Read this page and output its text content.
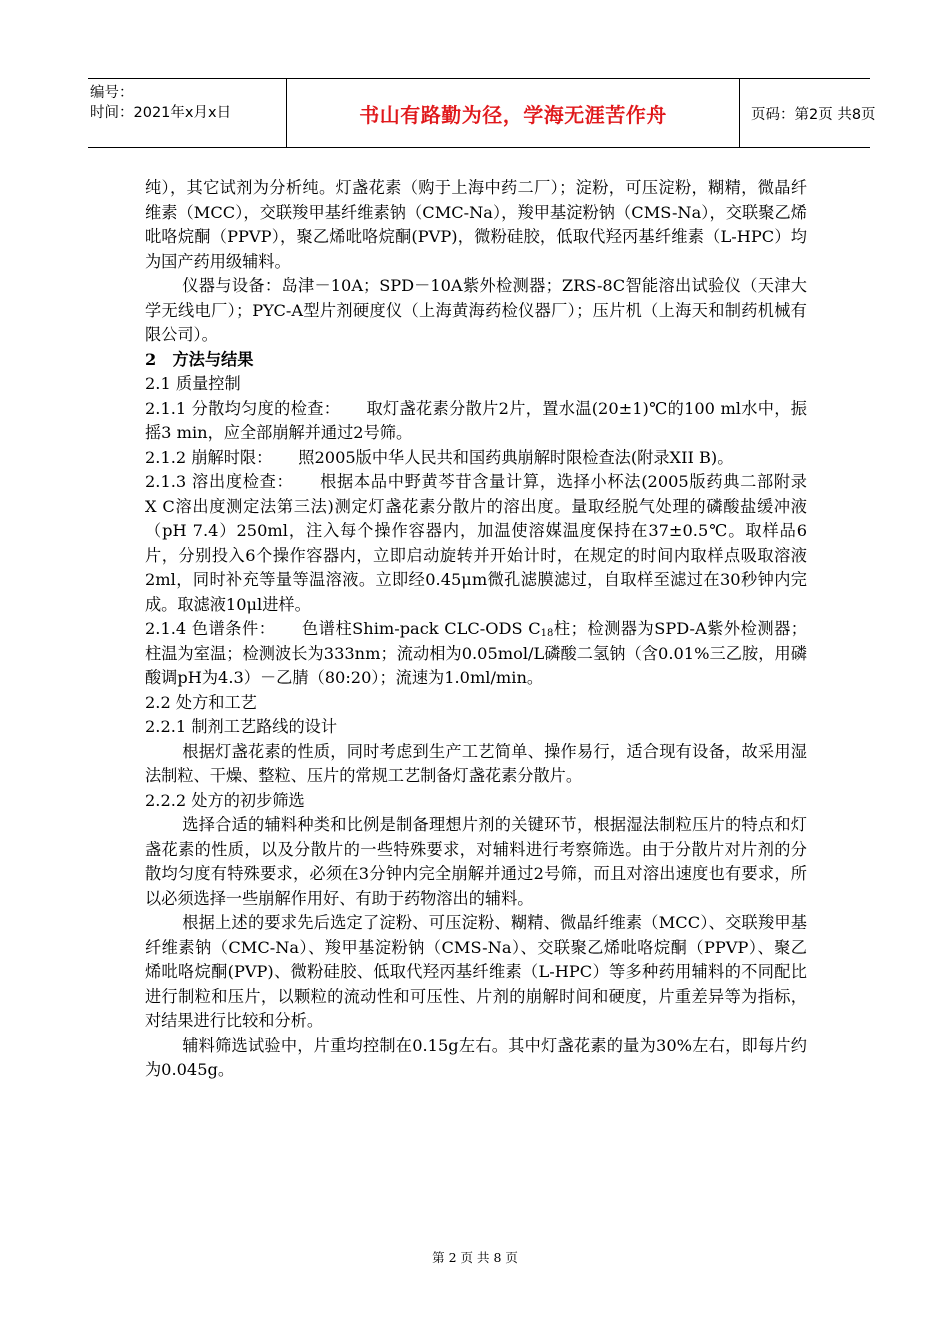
编号：
时间：2021年x月x日	书山有路勤为径，学海无涯苦作舟	页码：第2页 共8页

纯），其它试剂为分析纯。灯盏花素（购于上海中药二厂）；淀粉，可压淀粉，糊精，微晶纤维素（MCC），交联羧甲基纤维素钠（CMC-Na），羧甲基淀粉钠（CMS-Na），交联聚乙烯吡咯烷酮（PPVP），聚乙烯吡咯烷酮(PVP)，微粉硅胶，低取代羟丙基纤维素（L-HPC）均为国产药用级辅料。

仪器与设备：岛津－10A；SPD－10A紫外检测器；ZRS-8C智能溶出试验仪（天津大学无线电厂）；PYC-A型片剂硬度仪（上海黄海药检仪器厂）；压片机（上海天和制药机械有限公司）。

2　方法与结果

2.1 质量控制

2.1.1 分散均匀度的检查： 取灯盏花素分散片2片，置水温(20±1)℃的100 ml水中，振摇3 min，应全部崩解并通过2号筛。

2.1.2 崩解时限： 照2005版中华人民共和国药典崩解时限检查法(附录XII B)。

2.1.3 溶出度检查： 根据本品中野黄芩苷含量计算，选择小杯法(2005版药典二部附录　X C溶出度测定法第三法)测定灯盏花素分散片的溶出度。量取经脱气处理的磷酸盐缓冲液（pH 7.4）250ml，注入每个操作容器内，加温使溶媒温度保持在37±0.5℃。取样品6片，分别投入6个操作容器内，立即启动旋转并开始计时，在规定的时间内取样点吸取溶液2ml，同时补充等量等温溶液。立即经0.45μm微孔滤膜滤过，自取样至滤过在30秒钟内完成。取滤液10μl进样。

2.1.4 色谱条件： 色谱柱Shim-pack CLC-ODS $C_{18}$柱；检测器为SPD-A紫外检测器；柱温为室温；检测波长为333nm；流动相为0.05mol/L磷酸二氢钠（含0.01%三乙胺，用磷酸调pH为4.3）－乙腈（80:20）；流速为1.0ml/min。

2.2 处方和工艺

2.2.1 制剂工艺路线的设计

根据灯盏花素的性质，同时考虑到生产工艺简单、操作易行，适合现有设备，故采用湿法制粒、干燥、整粒、压片的常规工艺制备灯盏花素分散片。

2.2.2 处方的初步筛选

选择合适的辅料种类和比例是制备理想片剂的关键环节，根据湿法制粒压片的特点和灯盏花素的性质，以及分散片的一些特殊要求，对辅料进行考察筛选。由于分散片对片剂的分散均匀度有特殊要求，必须在3分钟内完全崩解并通过2号筛，而且对溶出速度也有要求，所以必须选择一些崩解作用好、有助于药物溶出的辅料。

根据上述的要求先后选定了淀粉、可压淀粉、糊精、微晶纤维素（MCC）、交联羧甲基纤维素钠（CMC-Na）、羧甲基淀粉钠（CMS-Na）、交联聚乙烯吡咯烷酮（PPVP）、聚乙烯吡咯烷酮(PVP)、微粉硅胶、低取代羟丙基纤维素（L-HPC）等多种药用辅料的不同配比进行制粒和压片，以颗粒的流动性和可压性、片剂的崩解时间和硬度，片重差异等为指标，对结果进行比较和分析。

辅料筛选试验中，片重均控制在0.15g左右。其中灯盏花素的量为30%左右，即每片约为0.045g。

第 2 页 共 8 页
